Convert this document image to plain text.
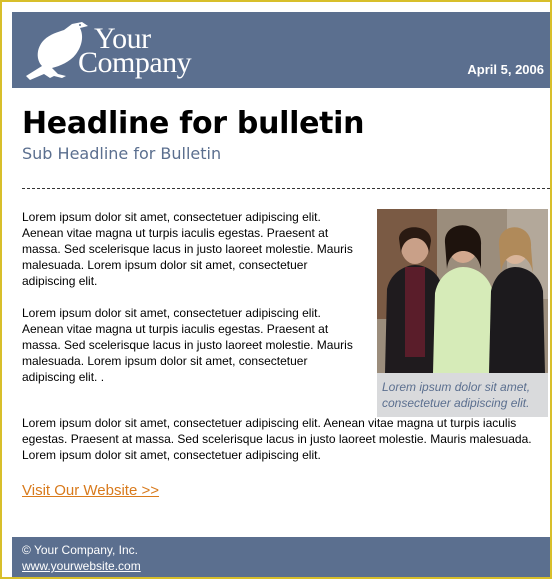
Your
Company	April 5, 2006
Headline for bulletin
Sub Headline for Bulletin

Lorem ipsum dolor sit amet, consectetuer adipiscing elit. Aenean vitae magna ut turpis iaculis egestas. Praesent at massa. Sed scelerisque lacus in justo laoreet molestie. Mauris malesuada. Lorem ipsum dolor sit amet, consectetuer adipiscing elit.

Lorem ipsum dolor sit amet, consectetuer adipiscing elit. Aenean vitae magna ut turpis iaculis egestas. Praesent at massa. Sed scelerisque lacus in justo laoreet molestie. Mauris malesuada. Lorem ipsum dolor sit amet, consectetuer adipiscing elit. .

Lorem ipsum dolor sit amet, consectetuer adipiscing elit.

Lorem ipsum dolor sit amet, consectetuer adipiscing elit. Aenean vitae magna ut turpis iaculis egestas. Praesent at massa. Sed scelerisque lacus in justo laoreet molestie. Mauris malesuada. Lorem ipsum dolor sit amet, consectetuer adipiscing elit.

Visit Our Website >>
© Your Company, Inc.
www.yourwebsite.com
